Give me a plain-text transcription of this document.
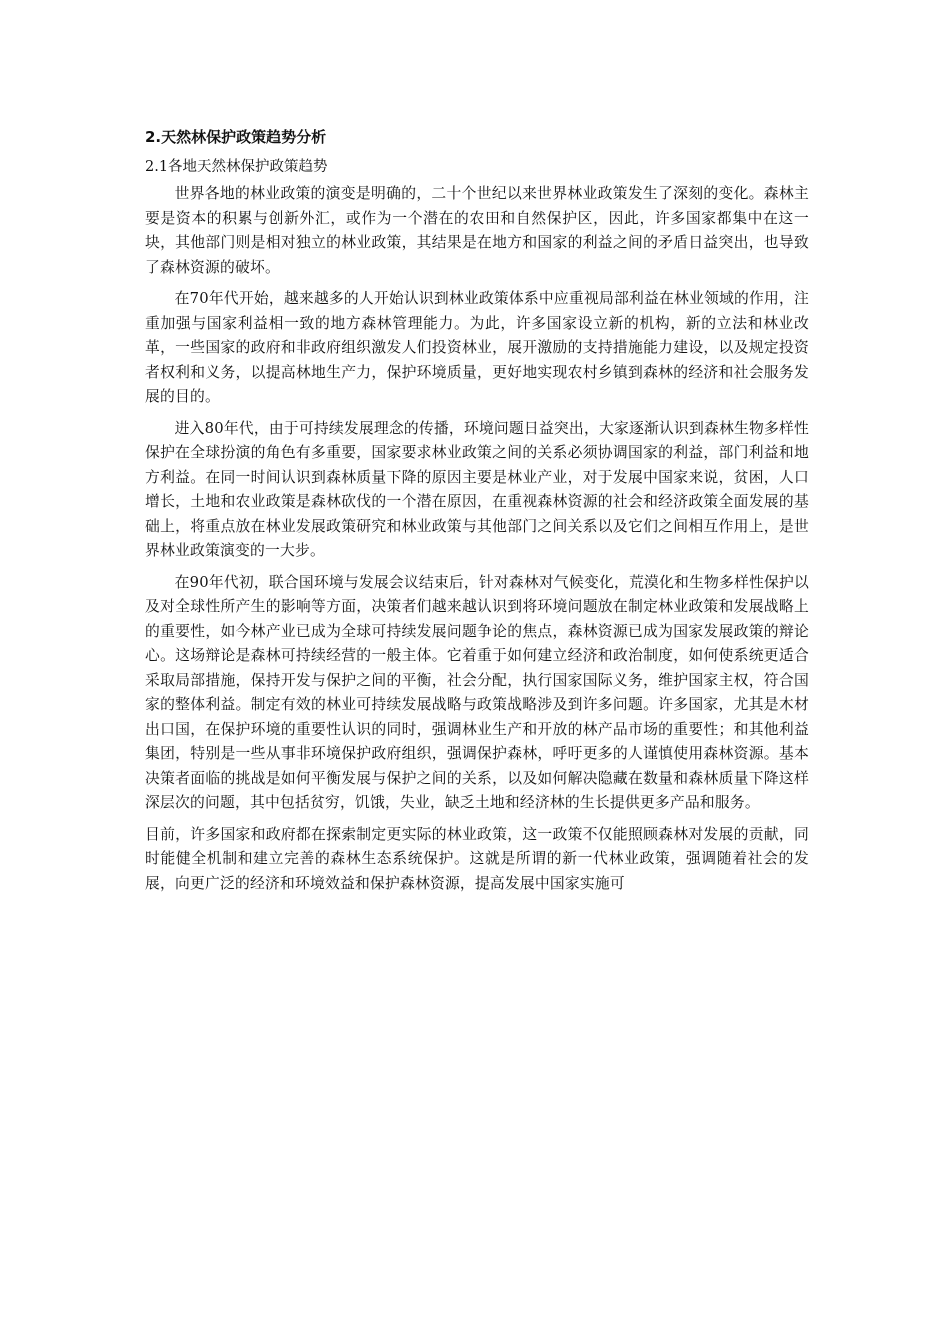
2.天然林保护政策趋势分析
2.1各地天然林保护政策趋势

世界各地的林业政策的演变是明确的，二十个世纪以来世界林业政策发生了深刻的变化。森林主要是资本的积累与创新外汇，或作为一个潜在的农田和自然保护区，因此，许多国家都集中在这一块，其他部门则是相对独立的林业政策，其结果是在地方和国家的利益之间的矛盾日益突出，也导致了森林资源的破坏。

在70年代开始，越来越多的人开始认识到林业政策体系中应重视局部利益在林业领域的作用，注重加强与国家利益相一致的地方森林管理能力。为此，许多国家设立新的机构，新的立法和林业改革，一些国家的政府和非政府组织激发人们投资林业，展开激励的支持措施能力建设，以及规定投资者权利和义务，以提高林地生产力，保护环境质量，更好地实现农村乡镇到森林的经济和社会服务发展的目的。

进入80年代，由于可持续发展理念的传播，环境问题日益突出，大家逐渐认识到森林生物多样性保护在全球扮演的角色有多重要，国家要求林业政策之间的关系必须协调国家的利益，部门利益和地方利益。在同一时间认识到森林质量下降的原因主要是林业产业，对于发展中国家来说，贫困，人口增长，土地和农业政策是森林砍伐的一个潜在原因，在重视森林资源的社会和经济政策全面发展的基础上，将重点放在林业发展政策研究和林业政策与其他部门之间关系以及它们之间相互作用上，是世界林业政策演变的一大步。

在90年代初，联合国环境与发展会议结束后，针对森林对气候变化，荒漠化和生物多样性保护以及对全球性所产生的影响等方面，决策者们越来越认识到将环境问题放在制定林业政策和发展战略上的重要性，如今林产业已成为全球可持续发展问题争论的焦点，森林资源已成为国家发展政策的辩论心。这场辩论是森林可持续经营的一般主体。它着重于如何建立经济和政治制度，如何使系统更适合采取局部措施，保持开发与保护之间的平衡，社会分配，执行国家国际义务，维护国家主权，符合国家的整体利益。制定有效的林业可持续发展战略与政策战略涉及到许多问题。许多国家，尤其是木材出口国，在保护环境的重要性认识的同时，强调林业生产和开放的林产品市场的重要性；和其他利益集团，特别是一些从事非环境保护政府组织，强调保护森林，呼吁更多的人谨慎使用森林资源。基本决策者面临的挑战是如何平衡发展与保护之间的关系，以及如何解决隐藏在数量和森林质量下降这样深层次的问题，其中包括贫穷，饥饿，失业，缺乏土地和经济林的生长提供更多产品和服务。

目前，许多国家和政府都在探索制定更实际的林业政策，这一政策不仅能照顾森林对发展的贡献，同时能健全机制和建立完善的森林生态系统保护。这就是所谓的新一代林业政策，强调随着社会的发展，向更广泛的经济和环境效益和保护森林资源，提高发展中国家实施可
